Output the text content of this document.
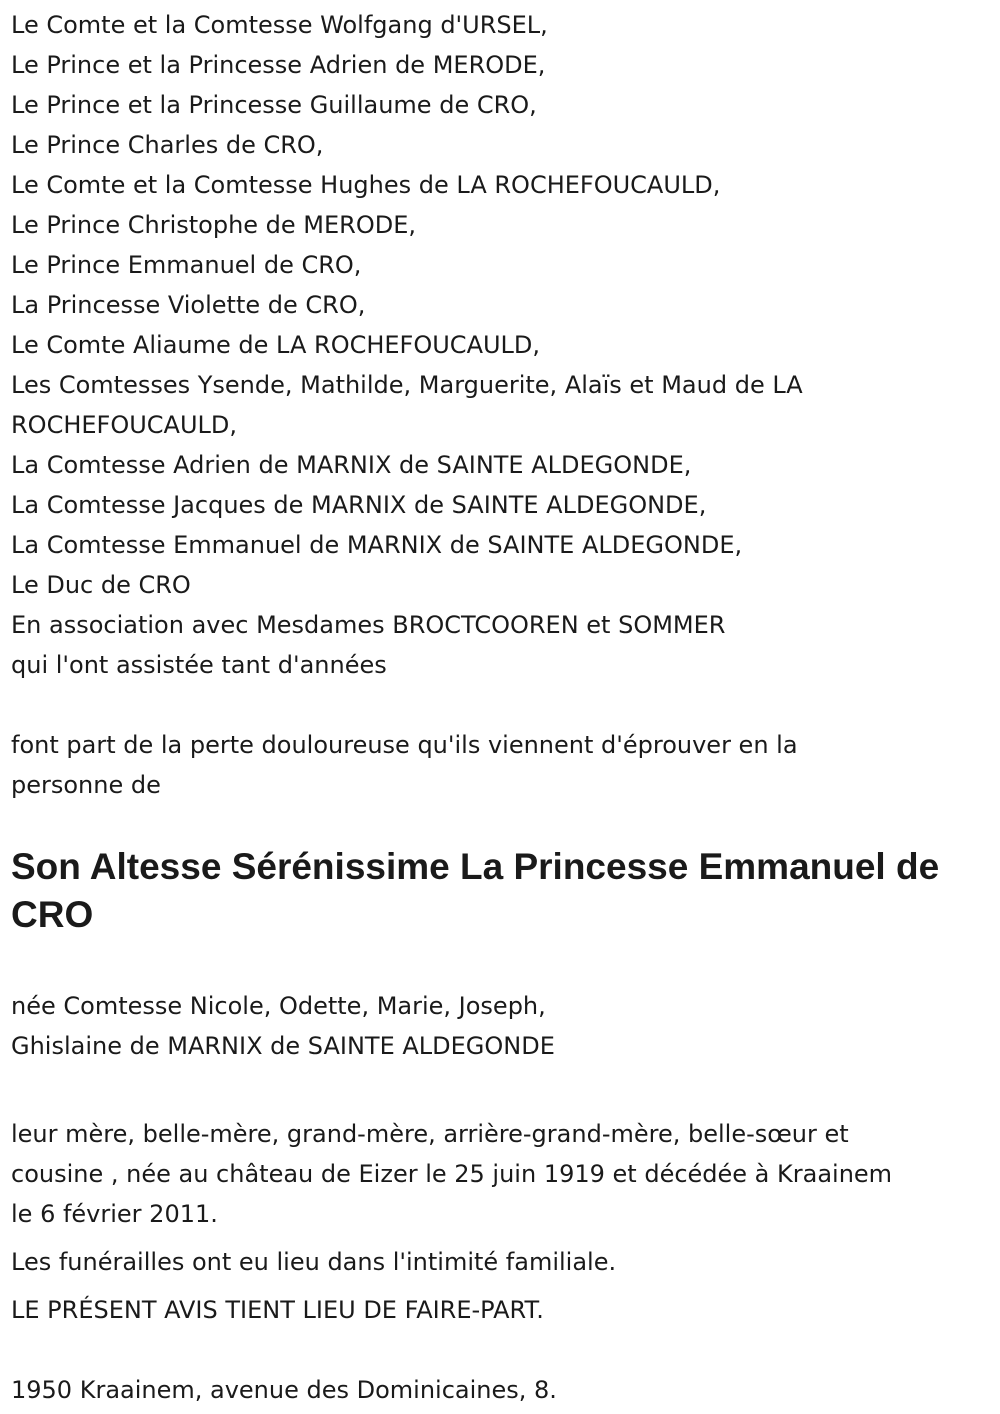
Le Comte et la Comtesse Wolfgang d'URSEL,

Le Prince et la Princesse Adrien de MERODE,

Le Prince et la Princesse Guillaume de CRO,

Le Prince Charles de CRO,

Le Comte et la Comtesse Hughes de LA ROCHEFOUCAULD,

Le Prince Christophe de MERODE,

Le Prince Emmanuel de CRO,

La Princesse Violette de CRO,

Le Comte Aliaume de LA ROCHEFOUCAULD,

Les Comtesses Ysende, Mathilde, Marguerite, Alaïs et Maud de LA

ROCHEFOUCAULD,

La Comtesse Adrien de MARNIX de SAINTE ALDEGONDE,

La Comtesse Jacques de MARNIX de SAINTE ALDEGONDE,

La Comtesse Emmanuel de MARNIX de SAINTE ALDEGONDE,

Le Duc de CRO

En association avec Mesdames BROCTCOOREN et SOMMER

qui l'ont assistée tant d'années

font part de la perte douloureuse qu'ils viennent d'éprouver en la

personne de

Son Altesse Sérénissime La Princesse Emmanuel de CRO

née Comtesse Nicole, Odette, Marie, Joseph,

Ghislaine de MARNIX de SAINTE ALDEGONDE

leur mère, belle-mère, grand-mère, arrière-grand-mère, belle-sœur et

cousine , née au château de Eizer le 25 juin 1919 et décédée à Kraainem

le 6 février 2011.

Les funérailles ont eu lieu dans l'intimité familiale.

LE PRÉSENT AVIS TIENT LIEU DE FAIRE-PART.

1950 Kraainem, avenue des Dominicaines, 8.
